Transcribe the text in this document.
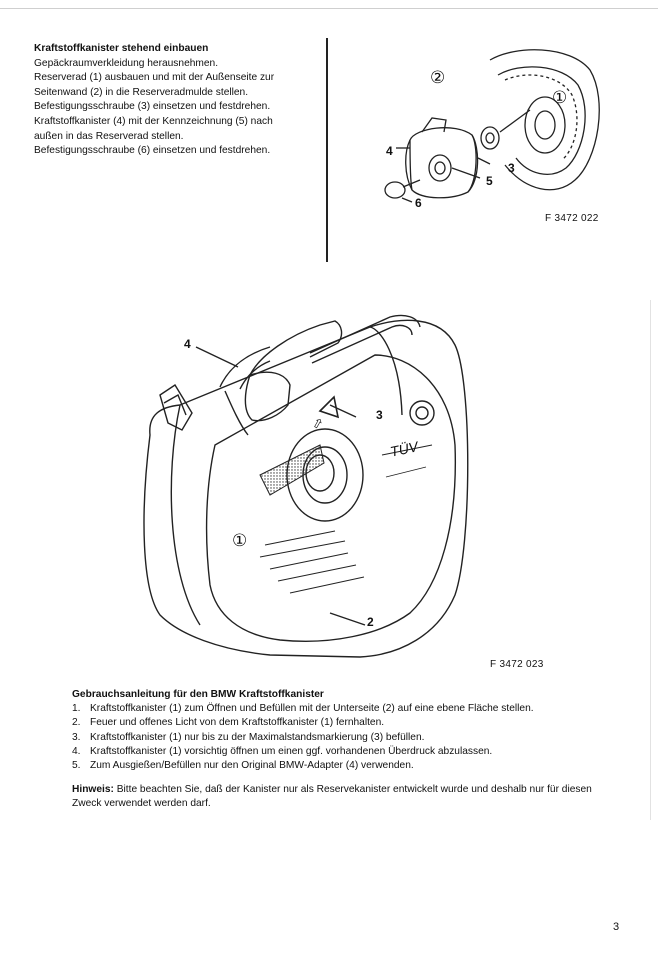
Kraftstoffkanister stehend einbauen
Gepäckraumverkleidung herausnehmen.
Reserverad (1) ausbauen und mit der Außenseite zur
Seitenwand (2) in die Reserveradmulde stellen.
Befestigungsschraube (3) einsetzen und festdrehen.
Kraftstoffkanister (4) mit der Kennzeichnung (5) nach
außen in das Reserverad stellen.
Befestigungsschraube (6) einsetzen und festdrehen.
②
①
4
3
5
6
F 3472 022
4
3
①
2
TÜV
⇧
F 3472 023
Gebrauchsanleitung für den BMW Kraftstoffkanister
1. Kraftstoffkanister (1) zum Öffnen und Befüllen mit der Unterseite (2) auf eine ebene Fläche stellen.
2. Feuer und offenes Licht von dem Kraftstoffkanister (1) fernhalten.
3. Kraftstoffkanister (1) nur bis zu der Maximalstandsmarkierung (3) befüllen.
4. Kraftstoffkanister (1) vorsichtig öffnen um einen ggf. vorhandenen Überdruck abzulassen.
5. Zum Ausgießen/Befüllen nur den Original BMW-Adapter (4) verwenden.
Hinweis: Bitte beachten Sie, daß der Kanister nur als Reservekanister entwickelt wurde und deshalb nur für diesen Zweck verwendet werden darf.
3
